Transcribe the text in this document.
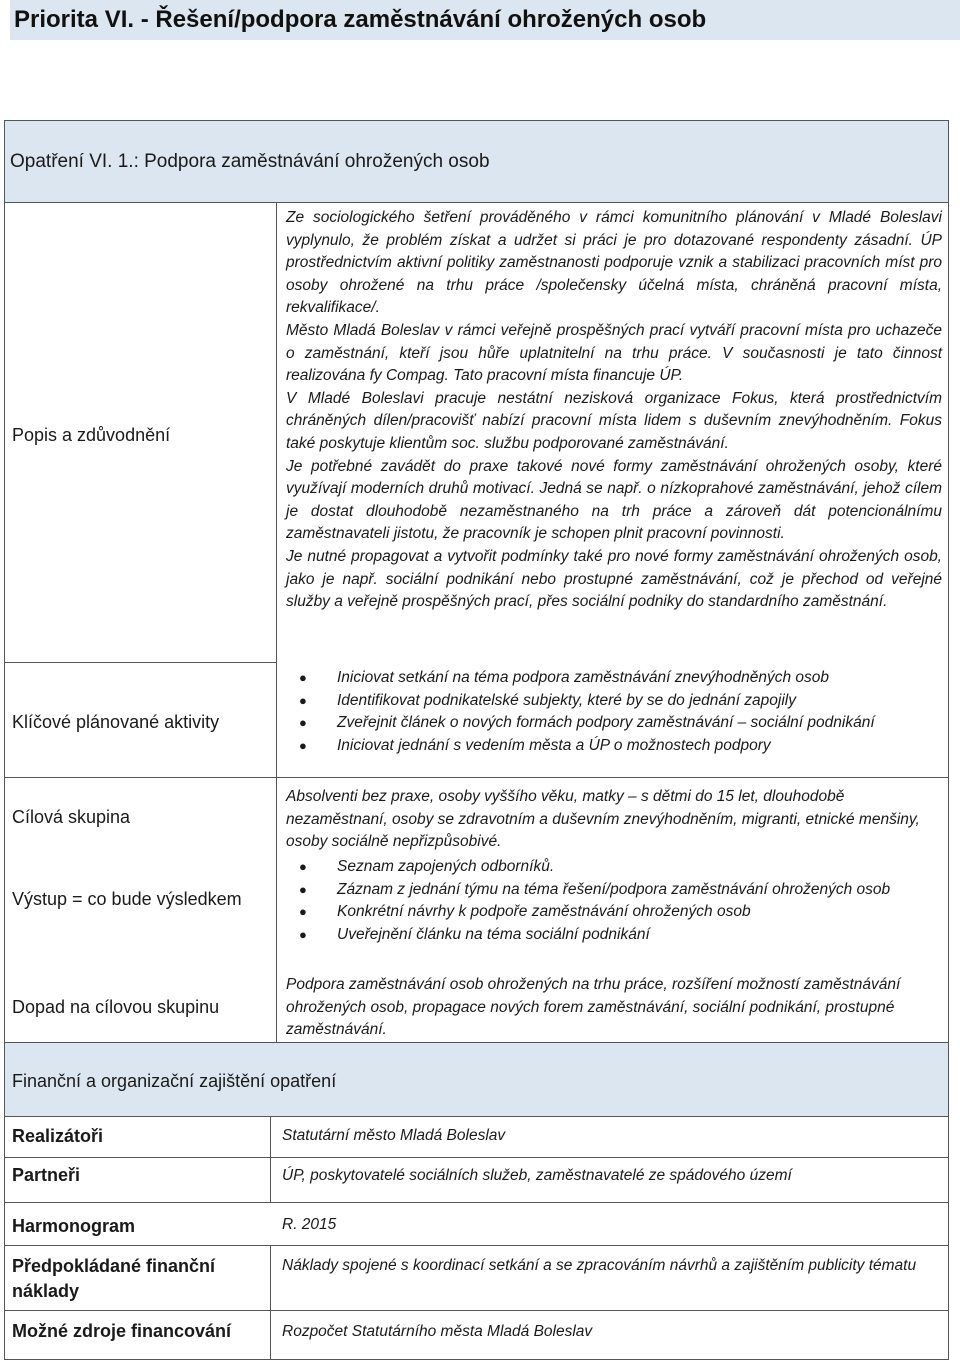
Priorita VI. - Řešení/podpora zaměstnávání ohrožených osob
Opatření VI. 1.: Podpora zaměstnávání ohrožených osob
Popis a zdůvodnění
Klíčové plánované aktivity
Cílová skupina
Výstup = co bude výsledkem
Dopad na cílovou skupinu

Ze sociologického šetření prováděného v rámci komunitního plánování v Mladé Boleslavi vyplynulo, že problém získat a udržet si práci je pro dotazované respondenty zásadní. ÚP prostřednictvím aktivní politiky zaměstnanosti podporuje vznik a stabilizaci pracovních míst pro osoby ohrožené na trhu práce /společensky účelná místa, chráněná pracovní místa, rekvalifikace/.

Město Mladá Boleslav v rámci veřejně prospěšných prací vytváří pracovní místa pro uchazeče o zaměstnání, kteří jsou hůře uplatnitelní na trhu práce. V současnosti je tato činnost realizována fy Compag. Tato pracovní místa financuje ÚP.

V Mladé Boleslavi pracuje nestátní nezisková organizace Fokus, která prostřednictvím chráněných dílen/pracovišť nabízí pracovní místa lidem s duševním znevýhodněním. Fokus také poskytuje klientům soc. službu podporované zaměstnávání.

Je potřebné zavádět do praxe takové nové formy zaměstnávání ohrožených osoby, které využívají moderních druhů motivací. Jedná se např. o nízkoprahové zaměstnávání, jehož cílem je dostat dlouhodobě nezaměstnaného na trh práce a zároveň dát potencionálnímu zaměstnavateli jistotu, že pracovník je schopen plnit pracovní povinnosti.

Je nutné propagovat a vytvořit podmínky také pro nové formy zaměstnávání ohrožených osob, jako je např. sociální podnikání nebo prostupné zaměstnávání, což je přechod od veřejné služby a veřejně prospěšných prací, přes sociální podniky do standardního zaměstnání.

● Iniciovat setkání na téma podpora zaměstnávání znevýhodněných osob
● Identifikovat podnikatelské subjekty, které by se do jednání zapojily
● Zveřejnit článek o nových formách podpory zaměstnávání – sociální podnikání
● Iniciovat jednání s vedením města a ÚP o možnostech podpory
Absolventi bez praxe, osoby vyššího věku, matky – s dětmi do 15 let, dlouhodobě nezaměstnaní, osoby se zdravotním a duševním znevýhodněním, migranti, etnické menšiny, osoby sociálně nepřizpůsobivé.
● Seznam zapojených odborníků.
● Záznam z jednání týmu na téma řešení/podpora zaměstnávání ohrožených osob
● Konkrétní návrhy k podpoře zaměstnávání ohrožených osob
● Uveřejnění článku na téma sociální podnikání
Podpora zaměstnávání osob ohrožených na trhu práce, rozšíření možností zaměstnávání ohrožených osob, propagace nových forem zaměstnávání, sociální podnikání, prostupné zaměstnávání.
Finanční a organizační zajištění opatření
Realizátoři
Partneři
Harmonogram
Předpokládané finanční náklady
Možné zdroje financování
Statutární město Mladá Boleslav
ÚP, poskytovatelé sociálních služeb, zaměstnavatelé ze spádového území
R. 2015
Náklady spojené s koordinací setkání a se zpracováním návrhů a zajištěním publicity tématu
Rozpočet Statutárního města Mladá Boleslav
